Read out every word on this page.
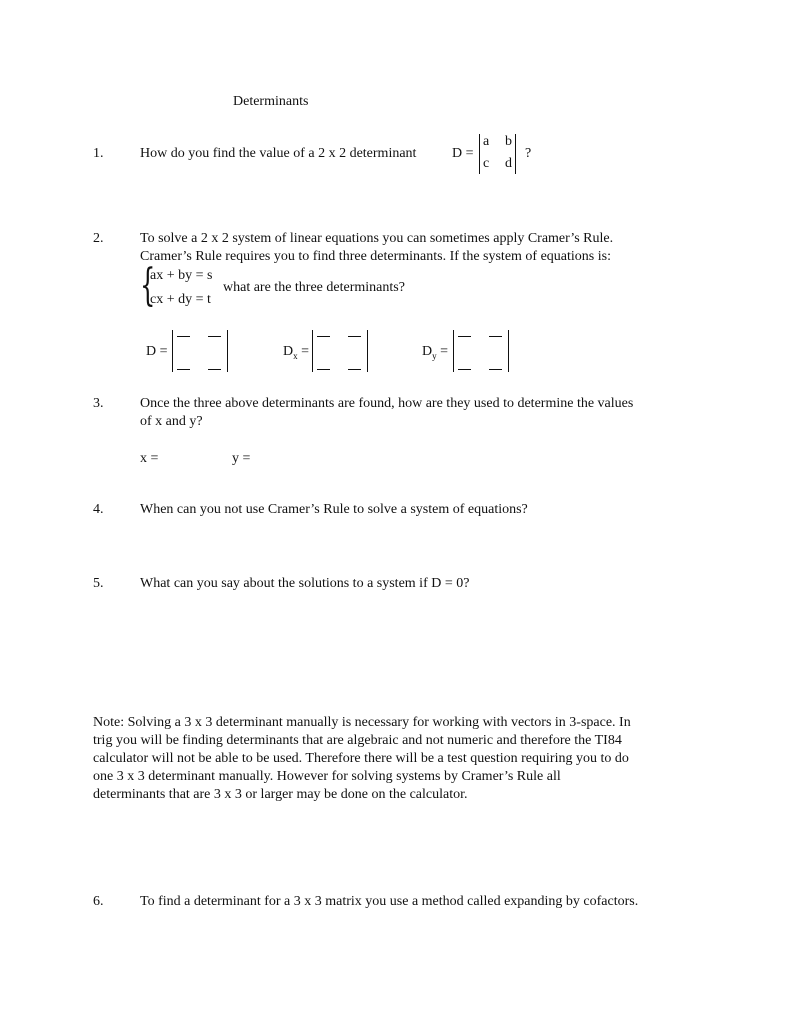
Determinants
1.	How do you find the value of a 2 x 2 determinant	D =
a b
c d
?
2.	To solve a 2 x 2 system of linear equations you can sometimes apply Cramer’s Rule.
Cramer’s Rule requires you to find three determinants. If the system of equations is:
{
ax + by = s
cx + dy = t
what are the three determinants?
D =	$D_x$ =	$D_y$ =
3.	Once the three above determinants are found, how are they used to determine the values
of x and y?
x =	y =
4.	When can you not use Cramer’s Rule to solve a system of equations?
5.	What can you say about the solutions to a system if D = 0?
Note: Solving a 3 x 3 determinant manually is necessary for working with vectors in 3-space. In
trig you will be finding determinants that are algebraic and not numeric and therefore the TI84
calculator will not be able to be used. Therefore there will be a test question requiring you to do
one 3 x 3 determinant manually. However for solving systems by Cramer’s Rule all
determinants that are 3 x 3 or larger may be done on the calculator.
6.	To find a determinant for a 3 x 3 matrix you use a method called expanding by cofactors.
